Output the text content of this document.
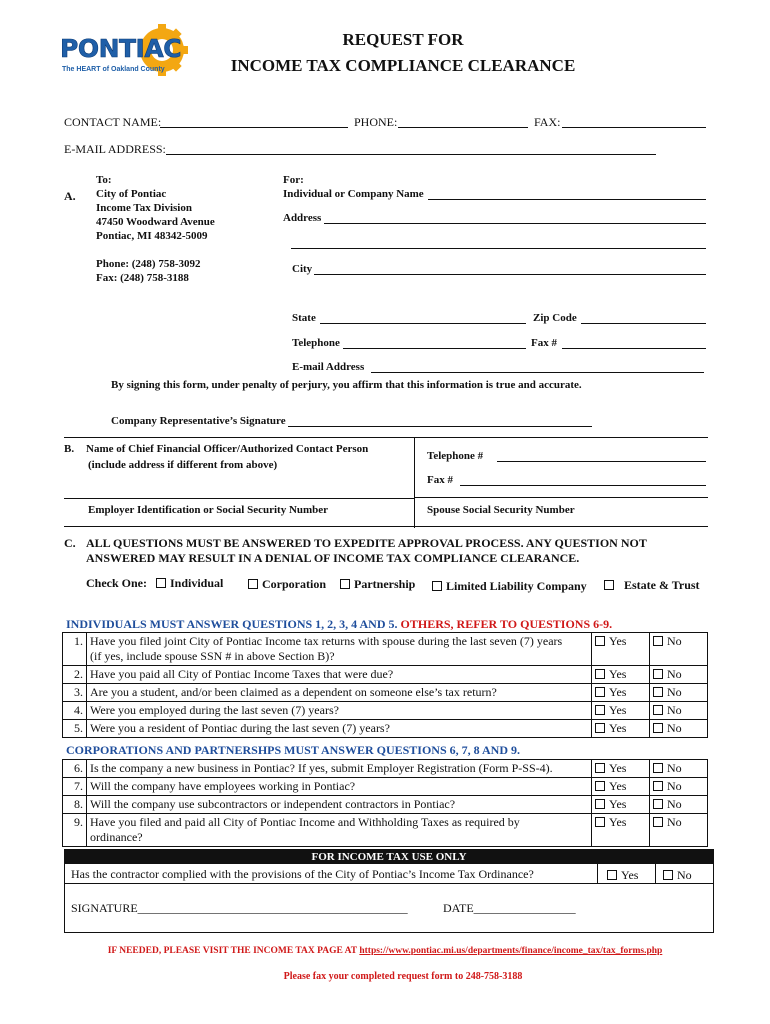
PONTIAC
The HEART of Oakland County
REQUEST FOR
INCOME TAX COMPLIANCE CLEARANCE
CONTACT NAME:	PHONE:	FAX:
E-MAIL ADDRESS:
A.
To:
City of Pontiac
Income Tax Division
47450 Woodward Avenue
Pontiac, MI 48342-5009
Phone: (248) 758-3092
Fax: (248) 758-3188
For:
Individual or Company Name
Address
City
State	Zip Code
Telephone	Fax #
E-mail Address
By signing this form, under penalty of perjury, you affirm that this information is true and accurate.
Company Representative’s Signature
B. Name of Chief Financial Officer/Authorized Contact Person
(include address if different from above)
Telephone #
Fax #
Employer Identification or Social Security Number	Spouse Social Security Number
C. ALL QUESTIONS MUST BE ANSWERED TO EXPEDITE APPROVAL PROCESS. ANY QUESTION NOT
ANSWERED MAY RESULT IN A DENIAL OF INCOME TAX COMPLIANCE CLEARANCE.
Check One:	Individual	Corporation	Partnership	Limited Liability Company	Estate & Trust
INDIVIDUALS MUST ANSWER QUESTIONS 1, 2, 3, 4 AND 5. OTHERS, REFER TO QUESTIONS 6-9.
1.	Have you filed joint City of Pontiac Income tax returns with spouse during the last seven (7) years
(if yes, include spouse SSN # in above Section B)?	Yes	No
2.	Have you paid all City of Pontiac Income Taxes that were due?	Yes	No
3.	Are you a student, and/or been claimed as a dependent on someone else’s tax return?	Yes	No
4.	Were you employed during the last seven (7) years?	Yes	No
5.	Were you a resident of Pontiac during the last seven (7) years?	Yes	No
CORPORATIONS AND PARTNERSHPS MUST ANSWER QUESTIONS 6, 7, 8 AND 9.
6.	Is the company a new business in Pontiac? If yes, submit Employer Registration (Form P-SS-4).	Yes	No
7.	Will the company have employees working in Pontiac?	Yes	No
8.	Will the company use subcontractors or independent contractors in Pontiac?	Yes	No
9.	Have you filed and paid all City of Pontiac Income and Withholding Taxes as required by
ordinance?	Yes	No
FOR INCOME TAX USE ONLY
Has the contractor complied with the provisions of the City of Pontiac’s Income Tax Ordinance?	Yes	No
SIGNATURE_____________________________________________	DATE_________________
IF NEEDED, PLEASE VISIT THE INCOME TAX PAGE AT https://www.pontiac.mi.us/departments/finance/income_tax/tax_forms.php
Please fax your completed request form to 248-758-3188
